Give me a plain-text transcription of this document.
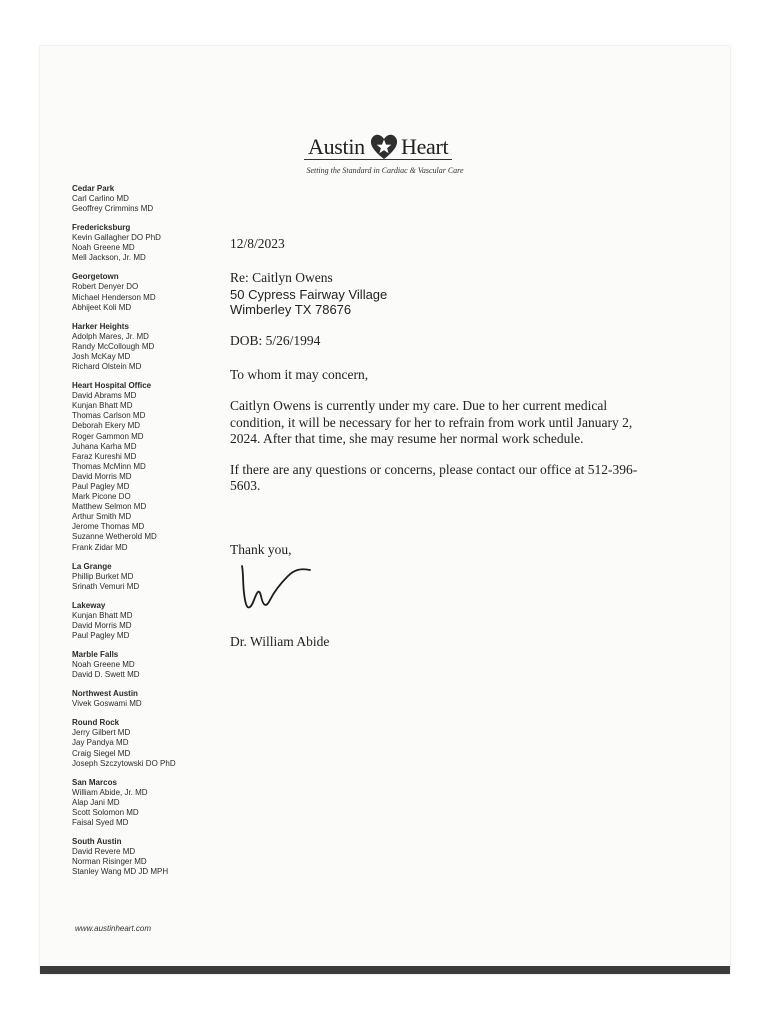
Austin Heart
Setting the Standard in Cardiac & Vascular Care
Cedar Park
Carl Carlino MD
Geoffrey Crimmins MD
Fredericksburg
Kevin Gallagher DO PhD
Noah Greene MD
Mell Jackson, Jr. MD
Georgetown
Robert Denyer DO
Michael Henderson MD
Abhijeet Koli MD
Harker Heights
Adolph Mares, Jr. MD
Randy McCollough MD
Josh McKay MD
Richard Olstein MD
Heart Hospital Office
David Abrams MD
Kunjan Bhatt MD
Thomas Carlson MD
Deborah Ekery MD
Roger Gammon MD
Juhana Karha MD
Faraz Kureshi MD
Thomas McMinn MD
David Morris MD
Paul Pagley MD
Mark Picone DO
Matthew Selmon MD
Arthur Smith MD
Jerome Thomas MD
Suzanne Wetherold MD
Frank Zidar MD
La Grange
Phillip Burket MD
Srinath Vemuri MD
Lakeway
Kunjan Bhatt MD
David Morris MD
Paul Pagley MD
Marble Falls
Noah Greene MD
David D. Swett MD
Northwest Austin
Vivek Goswami MD
Round Rock
Jerry Gilbert MD
Jay Pandya MD
Craig Siegel MD
Joseph Szczytowski DO PhD
San Marcos
William Abide, Jr. MD
Alap Jani MD
Scott Solomon MD
Faisal Syed MD
South Austin
David Revere MD
Norman Risinger MD
Stanley Wang MD JD MPH
www.austinheart.com
12/8/2023
Re: Caitlyn Owens
50 Cypress Fairway Village
Wimberley TX 78676
DOB: 5/26/1994
To whom it may concern,

Caitlyn Owens is currently under my care. Due to her current medical condition, it will be necessary for her to refrain from work until January 2, 2024. After that time, she may resume her normal work schedule.

If there are any questions or concerns, please contact our office at 512-396-5603.

Thank you,
Dr. William Abide
